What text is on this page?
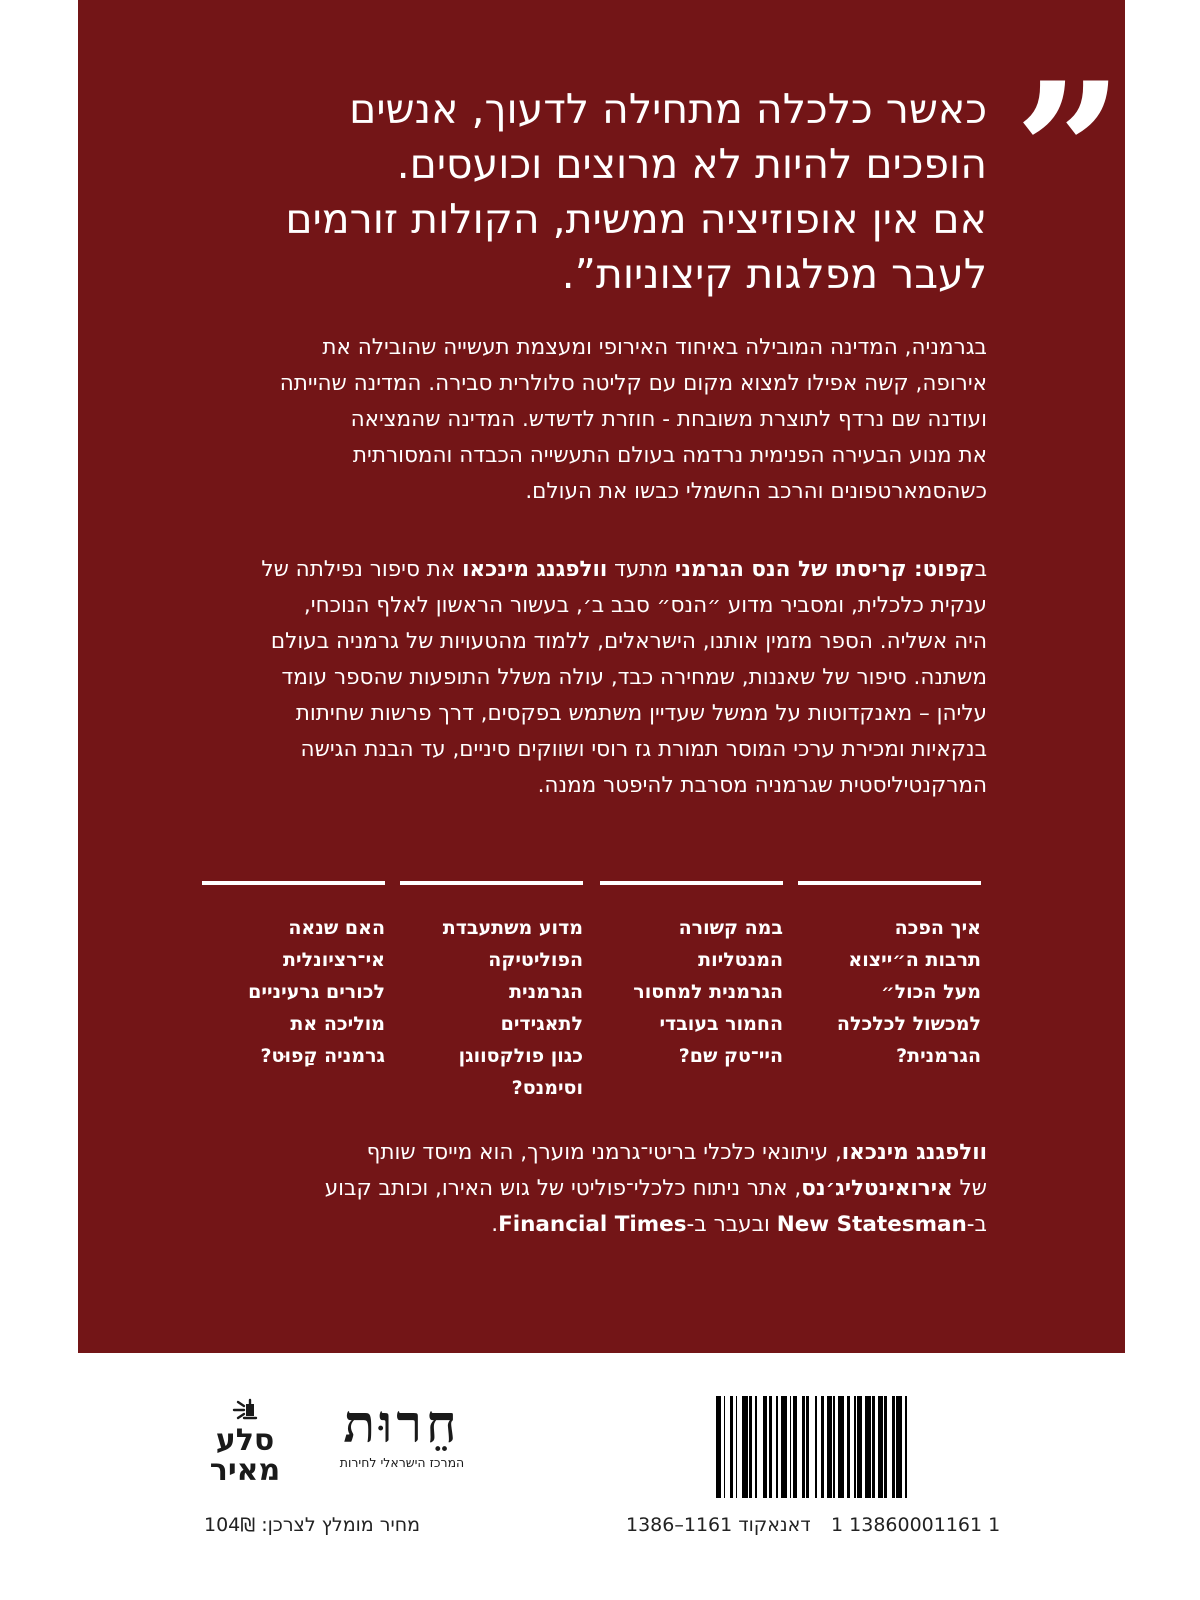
”
כאשר כלכלה מתחילה לדעוך, אנשים
הופכים להיות לא מרוצים וכועסים.
אם אין אופוזיציה ממשית, הקולות זורמים
לעבר מפלגות קיצוניות”.
בגרמניה, המדינה המובילה באיחוד האירופי ומעצמת תעשייה שהובילה את
אירופה, קשה אפילו למצוא מקום עם קליטה סלולרית סבירה. המדינה שהייתה
ועודנה שם נרדף לתוצרת משובחת - חוזרת לדשדש. המדינה שהמציאה
את מנוע הבעירה הפנימית נרדמה בעולם התעשייה הכבדה והמסורתית
כשהסמארטפונים והרכב החשמלי כבשו את העולם.
בקפוט: קריסתו של הנס הגרמני מתעד וולפגנג מינכאו את סיפור נפילתה של
ענקית כלכלית, ומסביר מדוע ״הנס״ סבב ב׳, בעשור הראשון לאלף הנוכחי,
היה אשליה. הספר מזמין אותנו, הישראלים, ללמוד מהטעויות של גרמניה בעולם
משתנה. סיפור של שאננות, שמחירה כבד, עולה משלל התופעות שהספר עומד
עליהן – מאנקדוטות על ממשל שעדיין משתמש בפקסים, דרך פרשות שחיתות
בנקאיות ומכירת ערכי המוסר תמורת גז רוסי ושווקים סיניים, עד הבנת הגישה
המרקנטיליסטית שגרמניה מסרבת להיפטר ממנה.
איך הפכה
תרבות ה״ייצוא
מעל הכול״
למכשול לכלכלה
הגרמנית?
במה קשורה
המנטליות
הגרמנית למחסור
החמור בעובדי
היי־טק שם?
מדוע משתעבדת
הפוליטיקה
הגרמנית
לתאגידים
כגון פולקסווגן
וסימנס?
האם שנאה
אי־רציונלית
לכורים גרעיניים
מוליכה את
גרמניה קַפוּט?
וולפגנג מינכאו, עיתונאי כלכלי בריטי־גרמני מוערך, הוא מייסד שותף
של אירואינטליג׳נס, אתר ניתוח כלכלי־פוליטי של גוש האירו, וכותב קבוע
ב-New Statesman ובעבר ב-Financial Times.
1 13860001161 1
דאנאקוד 1161–1386
מחיר מומלץ לצרכן: 104₪
חֵרוּת
המרכז הישראלי לחירות
סלע
מאיר
